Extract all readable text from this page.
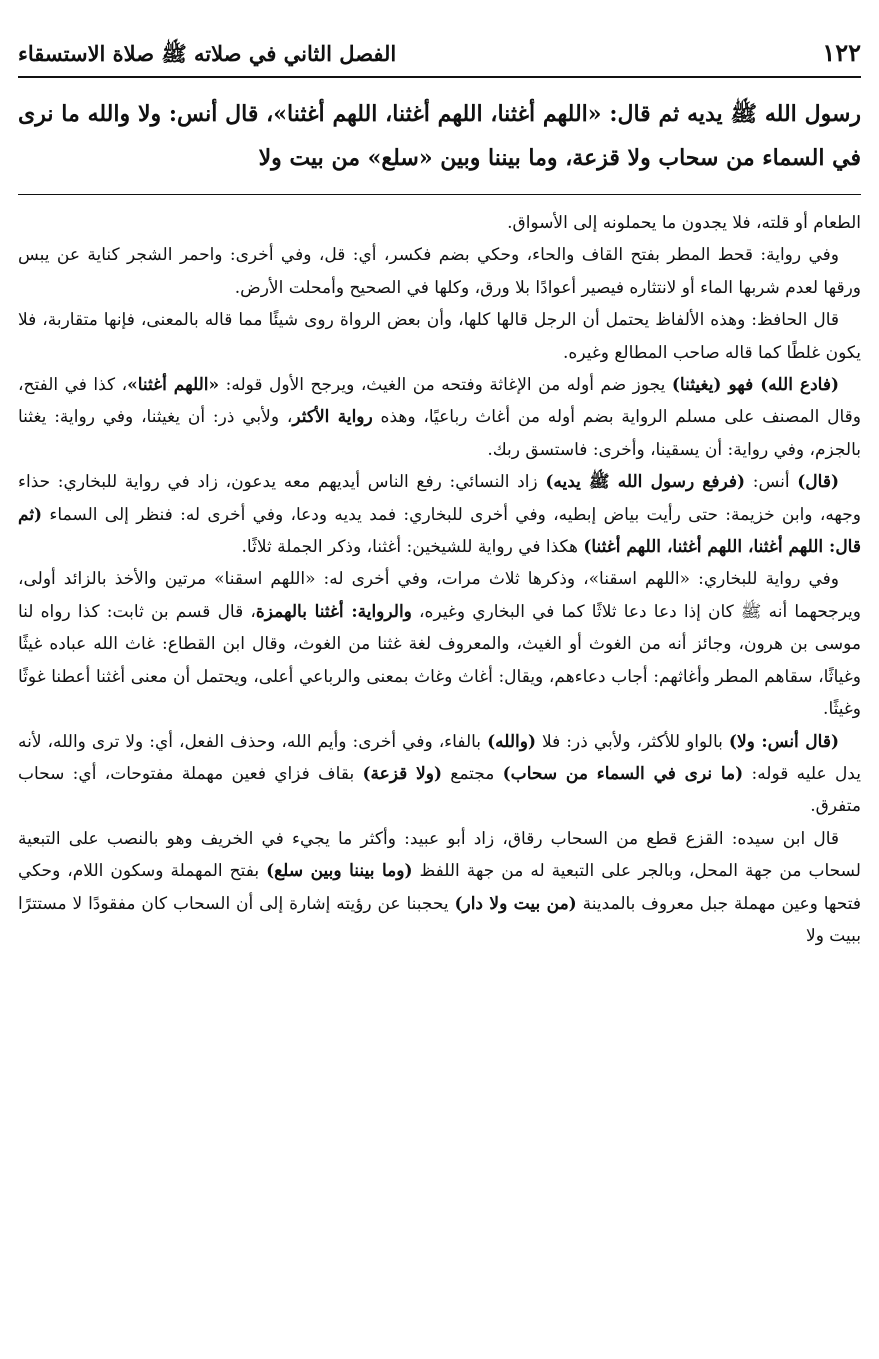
١٢٢
الفصل الثاني في صلاته ﷺ صلاة الاستسقاء

رسول الله ﷺ يديه ثم قال: «اللهم أغثنا، اللهم أغثنا، اللهم أغثنا»، قال أنس: ولا والله ما نرى في السماء من سحاب ولا قزعة، وما بيننا وبين «سلع» من بيت ولا

الطعام أو قلته، فلا يجدون ما يحملونه إلى الأسواق.

وفي رواية: قحط المطر بفتح القاف والحاء، وحكي بضم فكسر، أي: قل، وفي أخرى: واحمر الشجر كناية عن يبس ورقها لعدم شربها الماء أو لانتثاره فيصير أعوادًا بلا ورق، وكلها في الصحيح وأمحلت الأرض.

قال الحافظ: وهذه الألفاظ يحتمل أن الرجل قالها كلها، وأن بعض الرواة روى شيئًا مما قاله بالمعنى، فإنها متقاربة، فلا يكون غلطًا كما قاله صاحب المطالع وغيره.

(فادع الله) فهو (يغيثنا) يجوز ضم أوله من الإغاثة وفتحه من الغيث، ويرجح الأول قوله: «اللهم أغثنا»، كذا في الفتح، وقال المصنف على مسلم الرواية بضم أوله من أغاث رباعيًا، وهذه رواية الأكثر، ولأبي ذر: أن يغيثنا، وفي رواية: يغثنا بالجزم، وفي رواية: أن يسقينا، وأخرى: فاستسق ربك.

(قال) أنس: (فرفع رسول الله ﷺ يديه) زاد النسائي: رفع الناس أيديهم معه يدعون، زاد في رواية للبخاري: حذاء وجهه، وابن خزيمة: حتى رأيت بياض إبطيه، وفي أخرى للبخاري: فمد يديه ودعا، وفي أخرى له: فنظر إلى السماء (ثم قال: اللهم أغثنا، اللهم أغثنا، اللهم أغثنا) هكذا في رواية للشيخين: أغثنا، وذكر الجملة ثلاثًا.

وفي رواية للبخاري: «اللهم اسقنا»، وذكرها ثلاث مرات، وفي أخرى له: «اللهم اسقنا» مرتين والأخذ بالزائد أولى، ويرجحهما أنه ﷺ كان إذا دعا دعا ثلاثًا كما في البخاري وغيره، والرواية: أغثنا بالهمزة، قال قسم بن ثابت: كذا رواه لنا موسى بن هرون، وجائز أنه من الغوث أو الغيث، والمعروف لغة غثنا من الغوث، وقال ابن القطاع: غاث الله عباده غيثًا وغياثًا، سقاهم المطر وأغاثهم: أجاب دعاءهم، ويقال: أغاث وغاث بمعنى والرباعي أعلى، ويحتمل أن معنى أغثنا أعطنا غوثًا وغيثًا.

(قال أنس: ولا) بالواو للأكثر، ولأبي ذر: فلا (والله) بالفاء، وفي أخرى: وأيم الله، وحذف الفعل، أي: ولا ترى والله، لأنه يدل عليه قوله: (ما نرى في السماء من سحاب) مجتمع (ولا قزعة) بقاف فزاي فعين مهملة مفتوحات، أي: سحاب متفرق.

قال ابن سيده: القزع قطع من السحاب رقاق، زاد أبو عبيد: وأكثر ما يجيء في الخريف وهو بالنصب على التبعية لسحاب من جهة المحل، وبالجر على التبعية له من جهة اللفظ (وما بيننا وبين سلع) بفتح المهملة وسكون اللام، وحكي فتحها وعين مهملة جبل معروف بالمدينة (من بيت ولا دار) يحجبنا عن رؤيته إشارة إلى أن السحاب كان مفقودًا لا مستترًا ببيت ولا
